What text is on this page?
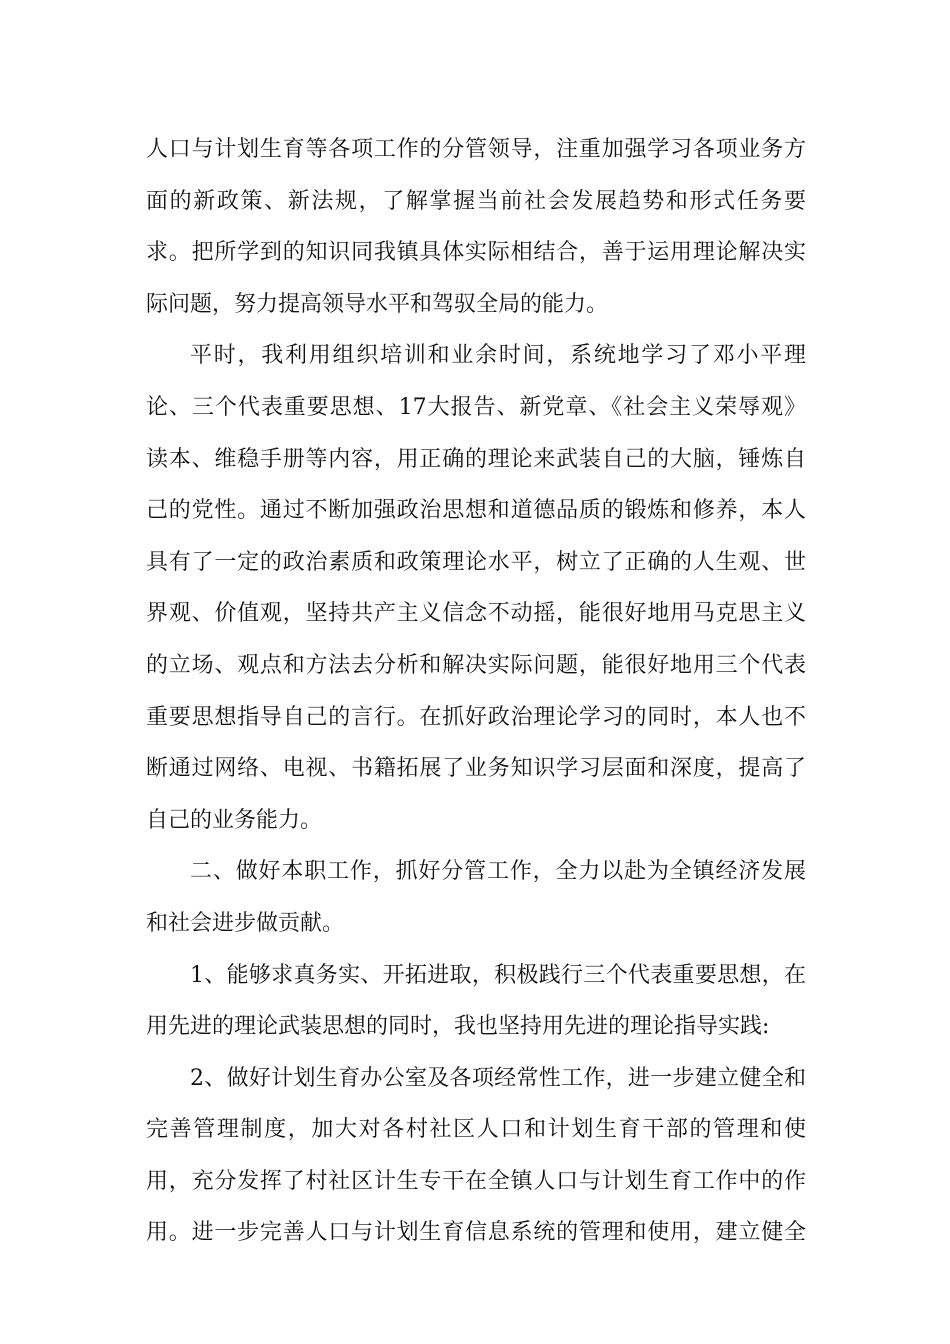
人口与计划生育等各项工作的分管领导，注重加强学习各项业务方
面的新政策、新法规，了解掌握当前社会发展趋势和形式任务要
求。把所学到的知识同我镇具体实际相结合，善于运用理论解决实
际问题，努力提高领导水平和驾驭全局的能力。
平时，我利用组织培训和业余时间，系统地学习了邓小平理
论、三个代表重要思想、17大报告、新党章、《社会主义荣辱观》
读本、维稳手册等内容，用正确的理论来武装自己的大脑，锤炼自
己的党性。通过不断加强政治思想和道德品质的锻炼和修养，本人
具有了一定的政治素质和政策理论水平，树立了正确的人生观、世
界观、价值观，坚持共产主义信念不动摇，能很好地用马克思主义
的立场、观点和方法去分析和解决实际问题，能很好地用三个代表
重要思想指导自己的言行。在抓好政治理论学习的同时，本人也不
断通过网络、电视、书籍拓展了业务知识学习层面和深度，提高了
自己的业务能力。
二、做好本职工作，抓好分管工作，全力以赴为全镇经济发展
和社会进步做贡献。
1、能够求真务实、开拓进取，积极践行三个代表重要思想，在
用先进的理论武装思想的同时，我也坚持用先进的理论指导实践:
2、做好计划生育办公室及各项经常性工作，进一步建立健全和
完善管理制度，加大对各村社区人口和计划生育干部的管理和使
用，充分发挥了村社区计生专干在全镇人口与计划生育工作中的作
用。进一步完善人口与计划生育信息系统的管理和使用，建立健全
